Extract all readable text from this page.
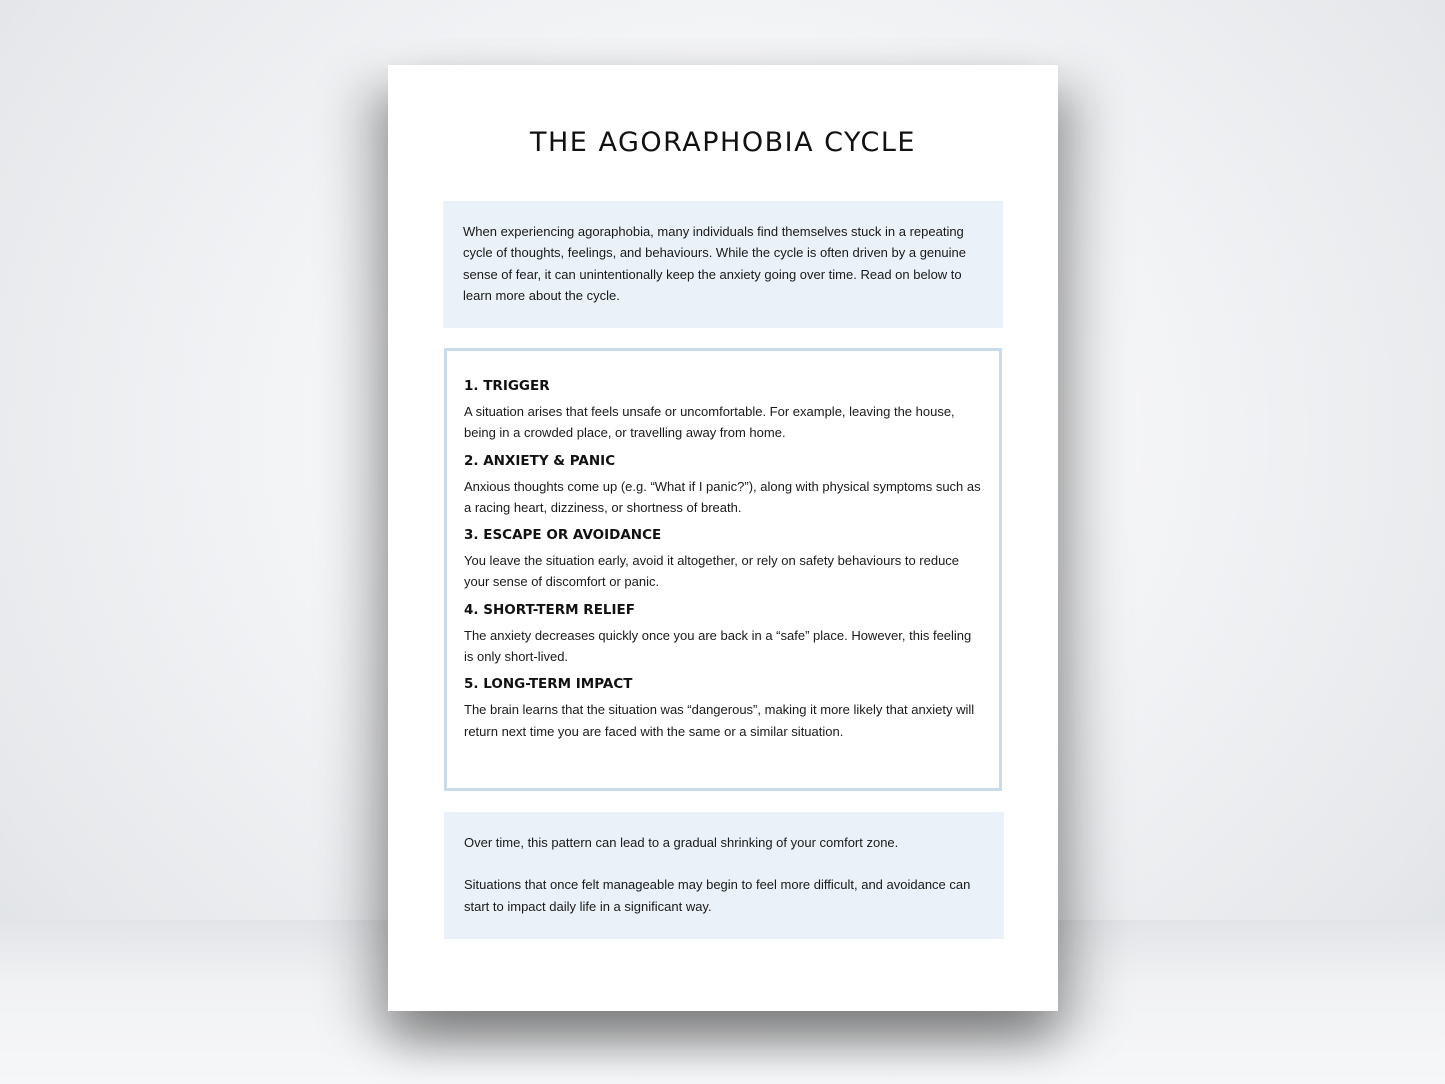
THE AGORAPHOBIA CYCLE

When experiencing agoraphobia, many individuals find themselves stuck in a repeating cycle of thoughts, feelings, and behaviours. While the cycle is often driven by a genuine sense of fear, it can unintentionally keep the anxiety going over time. Read on below to learn more about the cycle.

1. TRIGGER

A situation arises that feels unsafe or uncomfortable. For example, leaving the house, being in a crowded place, or travelling away from home.

2. ANXIETY & PANIC

Anxious thoughts come up (e.g. “What if I panic?”), along with physical symptoms such as a racing heart, dizziness, or shortness of breath.

3. ESCAPE OR AVOIDANCE

You leave the situation early, avoid it altogether, or rely on safety behaviours to reduce your sense of discomfort or panic.

4. SHORT-TERM RELIEF

The anxiety decreases quickly once you are back in a “safe” place. However, this feeling is only short-lived.

5. LONG-TERM IMPACT

The brain learns that the situation was “dangerous”, making it more likely that anxiety will return next time you are faced with the same or a similar situation.

Over time, this pattern can lead to a gradual shrinking of your comfort zone.

Situations that once felt manageable may begin to feel more difficult, and avoidance can start to impact daily life in a significant way.
